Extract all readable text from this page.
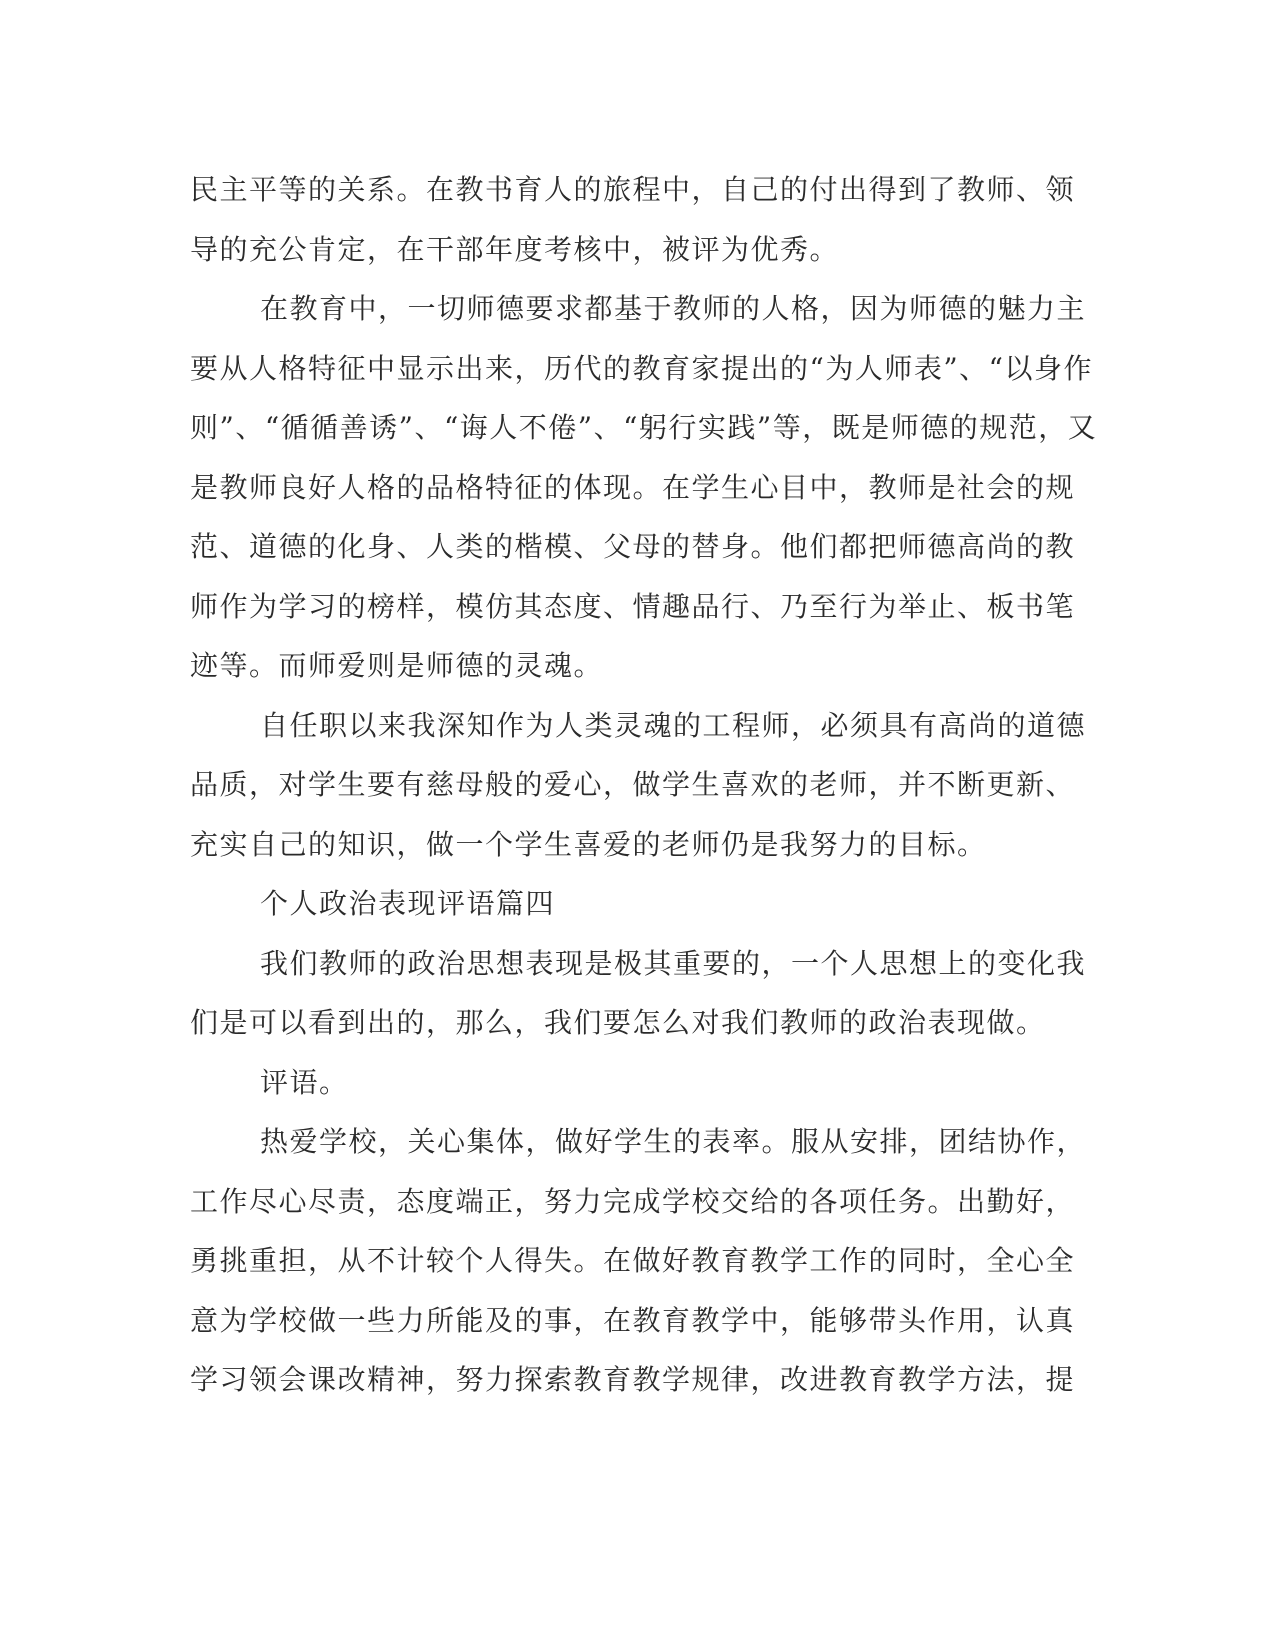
民主平等的关系。在教书育人的旅程中，自己的付出得到了教师、领
导的充公肯定，在干部年度考核中，被评为优秀。
在教育中，一切师德要求都基于教师的人格，因为师德的魅力主
要从人格特征中显示出来，历代的教育家提出的“为人师表”、“以身作
则”、“循循善诱”、“诲人不倦”、“躬行实践”等，既是师德的规范，又
是教师良好人格的品格特征的体现。在学生心目中，教师是社会的规
范、道德的化身、人类的楷模、父母的替身。他们都把师德高尚的教
师作为学习的榜样，模仿其态度、情趣品行、乃至行为举止、板书笔
迹等。而师爱则是师德的灵魂。
自任职以来我深知作为人类灵魂的工程师，必须具有高尚的道德
品质，对学生要有慈母般的爱心，做学生喜欢的老师，并不断更新、
充实自己的知识，做一个学生喜爱的老师仍是我努力的目标。
个人政治表现评语篇四
我们教师的政治思想表现是极其重要的，一个人思想上的变化我
们是可以看到出的，那么，我们要怎么对我们教师的政治表现做。
评语。
热爱学校，关心集体，做好学生的表率。服从安排，团结协作，
工作尽心尽责，态度端正，努力完成学校交给的各项任务。出勤好，
勇挑重担，从不计较个人得失。在做好教育教学工作的同时，全心全
意为学校做一些力所能及的事，在教育教学中，能够带头作用，认真
学习领会课改精神，努力探索教育教学规律，改进教育教学方法，提
